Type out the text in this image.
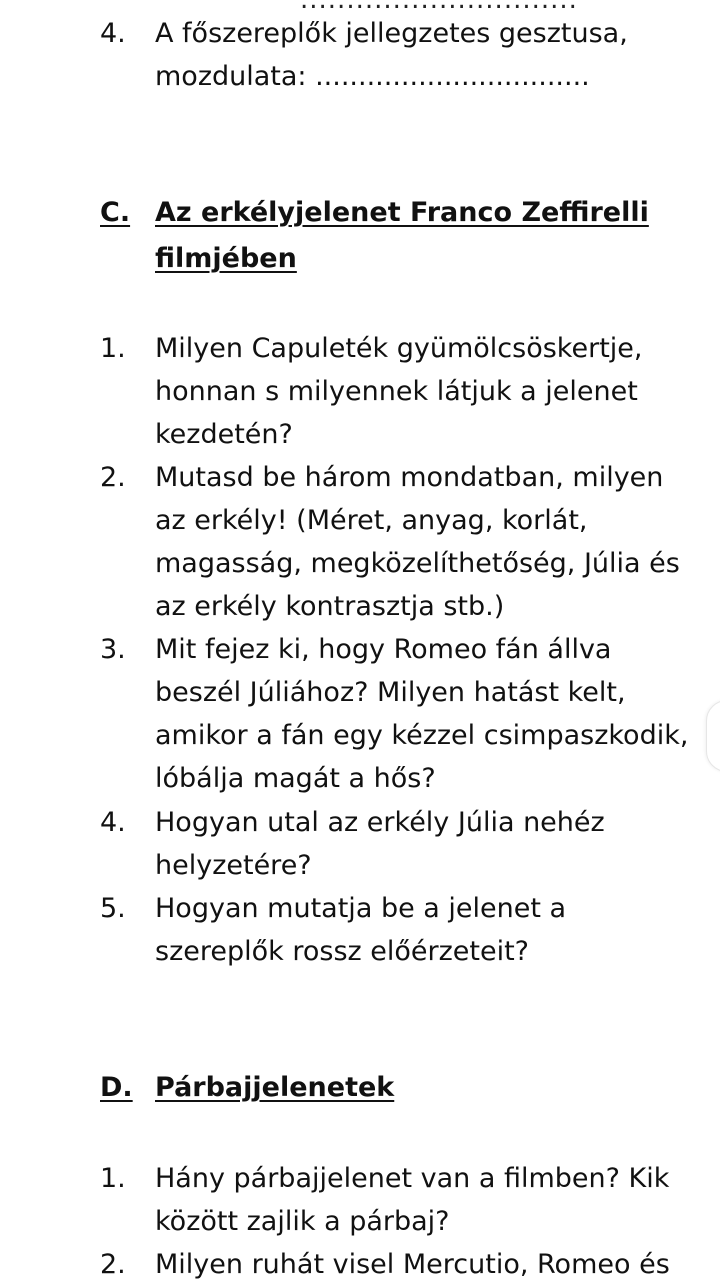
..............................
4.	A főszereplők jellegzetes gesztusa,
mozdulata: ................................
C. Az erkélyjelenet Franco Zeffirelli
filmjében
1.	Milyen Capuleték gyümölcsöskertje,
honnan s milyennek látjuk a jelenet
kezdetén?
2.	Mutasd be három mondatban, milyen
az erkély! (Méret, anyag, korlát,
magasság, megközelíthetőség, Júlia és
az erkély kontrasztja stb.)
3.	Mit fejez ki, hogy Romeo fán állva
beszél Júliához? Milyen hatást kelt,
amikor a fán egy kézzel csimpaszkodik,
lóbálja magát a hős?
4.	Hogyan utal az erkély Júlia nehéz
helyzetére?
5.	Hogyan mutatja be a jelenet a
szereplők rossz előérzeteit?
D. Párbajjelenetek
1.	Hány párbajjelenet van a filmben? Kik
között zajlik a párbaj?
2.	Milyen ruhát visel Mercutio, Romeo és
